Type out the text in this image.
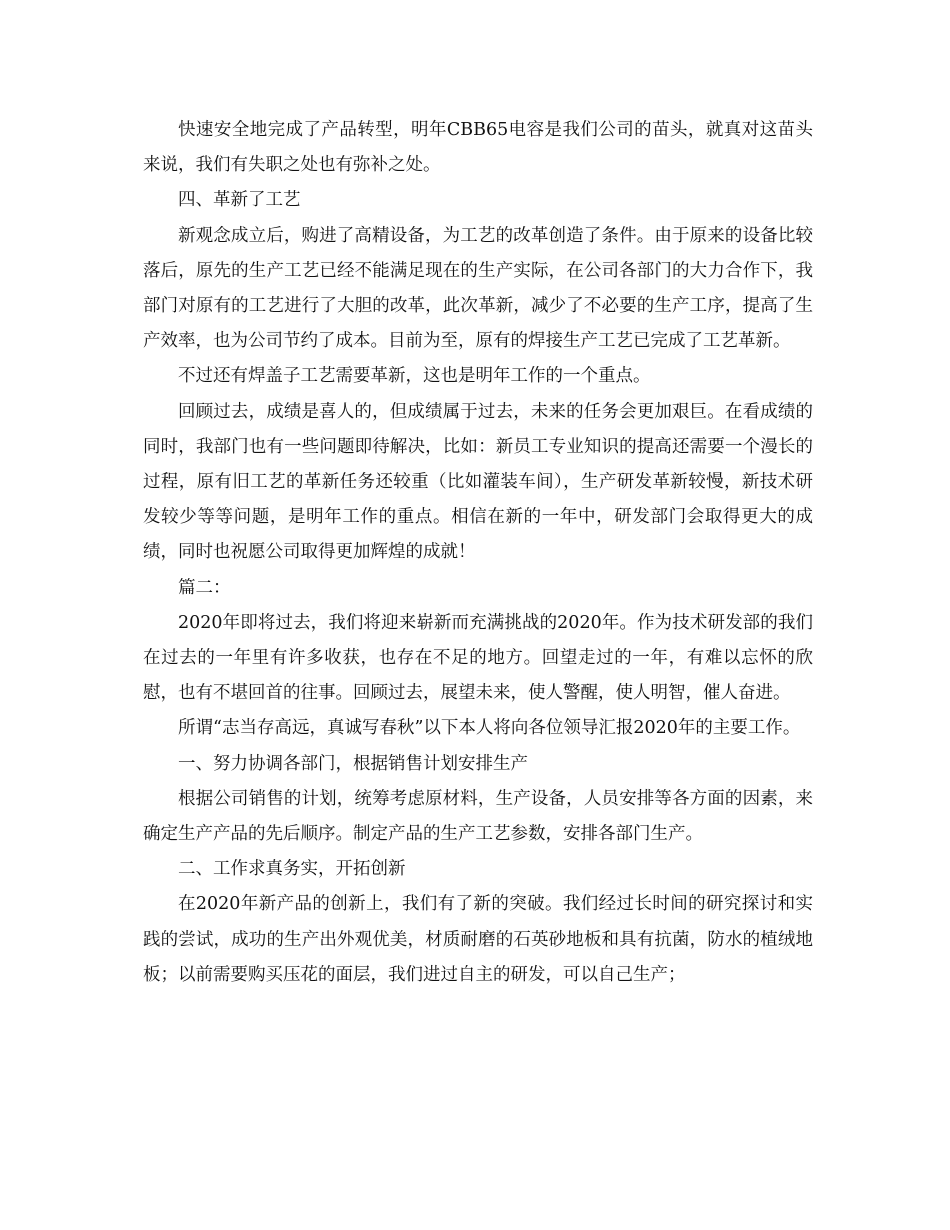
快速安全地完成了产品转型，明年CBB65电容是我们公司的苗头，就真对这苗头来说，我们有失职之处也有弥补之处。

四、革新了工艺

新观念成立后，购进了高精设备，为工艺的改革创造了条件。由于原来的设备比较落后，原先的生产工艺已经不能满足现在的生产实际，在公司各部门的大力合作下，我部门对原有的工艺进行了大胆的改革，此次革新，减少了不必要的生产工序，提高了生产效率，也为公司节约了成本。目前为至，原有的焊接生产工艺已完成了工艺革新。

不过还有焊盖子工艺需要革新，这也是明年工作的一个重点。

回顾过去，成绩是喜人的，但成绩属于过去，未来的任务会更加艰巨。在看成绩的同时，我部门也有一些问题即待解决，比如：新员工专业知识的提高还需要一个漫长的过程，原有旧工艺的革新任务还较重（比如灌装车间），生产研发革新较慢，新技术研发较少等等问题，是明年工作的重点。相信在新的一年中，研发部门会取得更大的成绩，同时也祝愿公司取得更加辉煌的成就！

篇二：

2020年即将过去，我们将迎来崭新而充满挑战的2020年。作为技术研发部的我们在过去的一年里有许多收获，也存在不足的地方。回望走过的一年，有难以忘怀的欣慰，也有不堪回首的往事。回顾过去，展望未来，使人警醒，使人明智，催人奋进。

所谓“志当存高远，真诚写春秋”以下本人将向各位领导汇报2020年的主要工作。

一、努力协调各部门，根据销售计划安排生产

根据公司销售的计划，统筹考虑原材料，生产设备，人员安排等各方面的因素，来确定生产产品的先后顺序。制定产品的生产工艺参数，安排各部门生产。

二、工作求真务实，开拓创新

在2020年新产品的创新上，我们有了新的突破。我们经过长时间的研究探讨和实践的尝试，成功的生产出外观优美，材质耐磨的石英砂地板和具有抗菌，防水的植绒地板；以前需要购买压花的面层，我们进过自主的研发，可以自己生产；
